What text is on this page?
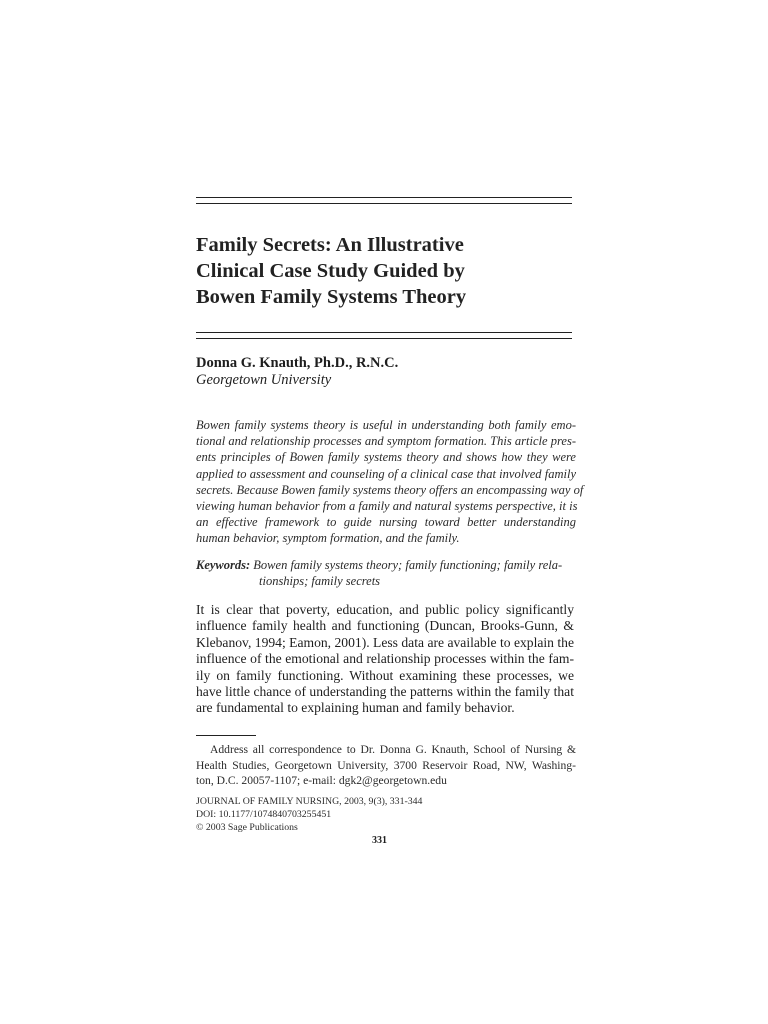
Family Secrets: An Illustrative
Clinical Case Study Guided by
Bowen Family Systems Theory
Donna G. Knauth, Ph.D., R.N.C.
Georgetown University
Bowen family systems theory is useful in understanding both family emo-
tional and relationship processes and symptom formation. This article pres-
ents principles of Bowen family systems theory and shows how they were
applied to assessment and counseling of a clinical case that involved family
secrets. Because Bowen family systems theory offers an encompassing way of
viewing human behavior from a family and natural systems perspective, it is
an effective framework to guide nursing toward better understanding
human behavior, symptom formation, and the family.
Keywords: Bowen family systems theory; family functioning; family rela-
tionships; family secrets
It is clear that poverty, education, and public policy significantly
influence family health and functioning (Duncan, Brooks-Gunn, &
Klebanov, 1994; Eamon, 2001). Less data are available to explain the
influence of the emotional and relationship processes within the fam-
ily on family functioning. Without examining these processes, we
have little chance of understanding the patterns within the family that
are fundamental to explaining human and family behavior.
Address all correspondence to Dr. Donna G. Knauth, School of Nursing &
Health Studies, Georgetown University, 3700 Reservoir Road, NW, Washing-
ton, D.C. 20057-1107; e-mail: dgk2@georgetown.edu
JOURNAL OF FAMILY NURSING, 2003, 9(3), 331-344
DOI: 10.1177/1074840703255451
© 2003 Sage Publications
331
